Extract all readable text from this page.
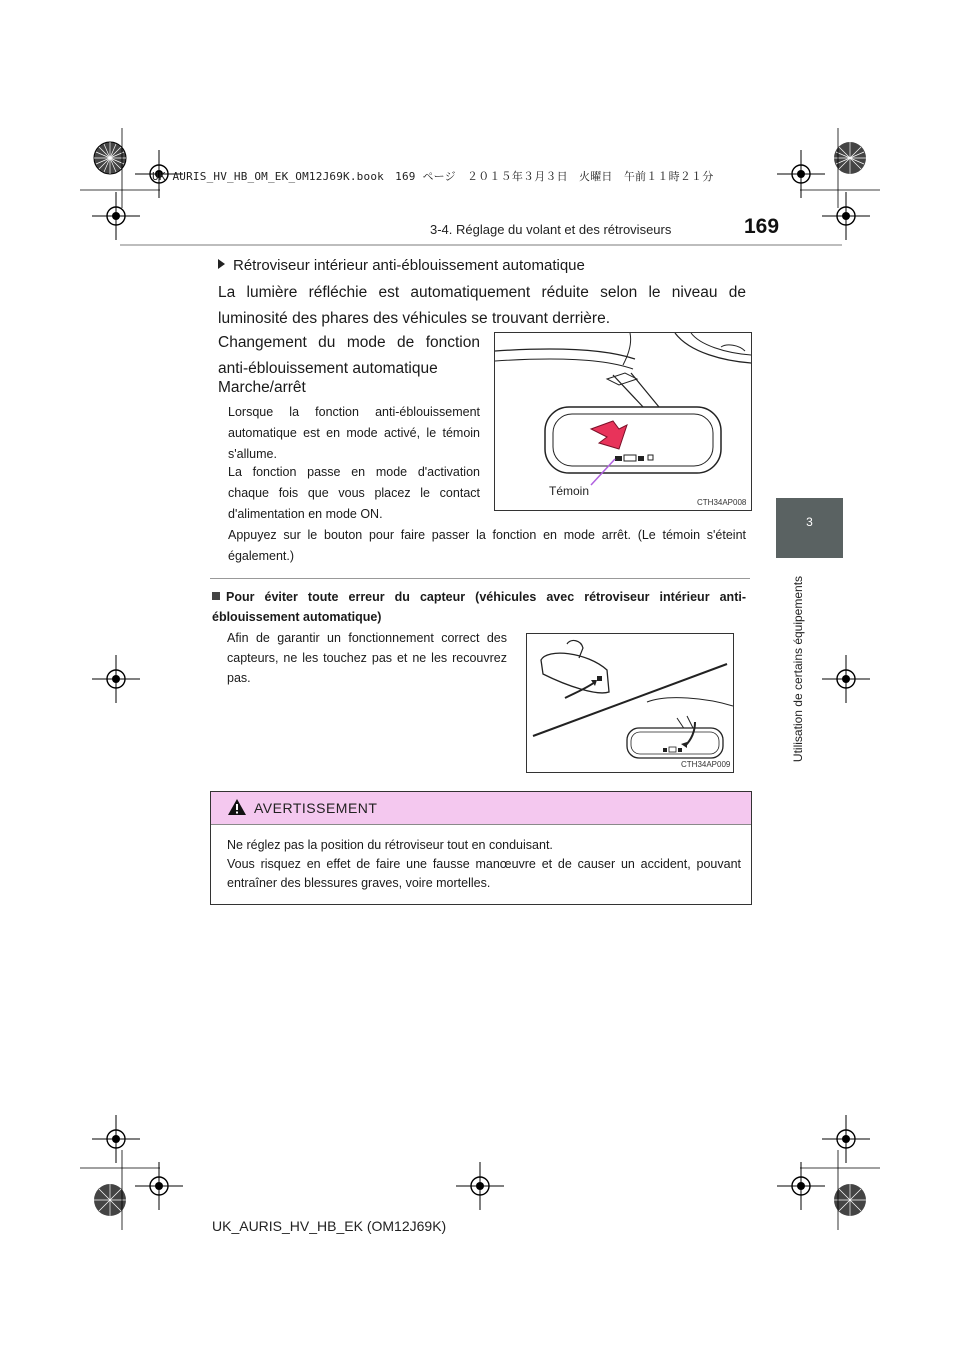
UK AURIS_HV_HB_OM_EK_OM12J69K.book　169 ページ　２０１５年３月３日　火曜日　午前１１時２１分
3-4. Réglage du volant et des rétroviseurs	169
3
Utilisation de certains équipements
Rétroviseur intérieur anti-éblouissement automatique
La lumière réfléchie est automatiquement réduite selon le niveau de luminosité des phares des véhicules se trouvant derrière.
Changement du mode de fonction anti-éblouissement automatique
Marche/arrêt
Lorsque la fonction anti-éblouissement automatique est en mode activé, le témoin s'allume.
La fonction passe en mode d'activation chaque fois que vous placez le contact d'alimentation en mode ON.
Appuyez sur le bouton pour faire passer la fonction en mode arrêt. (Le témoin s'éteint également.)
Témoin
CTH34AP008
Pour éviter toute erreur du capteur (véhicules avec rétroviseur intérieur anti-éblouissement automatique)
Afin de garantir un fonctionnement correct des capteurs, ne les touchez pas et ne les recouvrez pas.
CTH34AP009
AVERTISSEMENT
Ne réglez pas la position du rétroviseur tout en conduisant.
Vous risquez en effet de faire une fausse manœuvre et de causer un accident, pouvant entraîner des blessures graves, voire mortelles.
UK_AURIS_HV_HB_EK (OM12J69K)
